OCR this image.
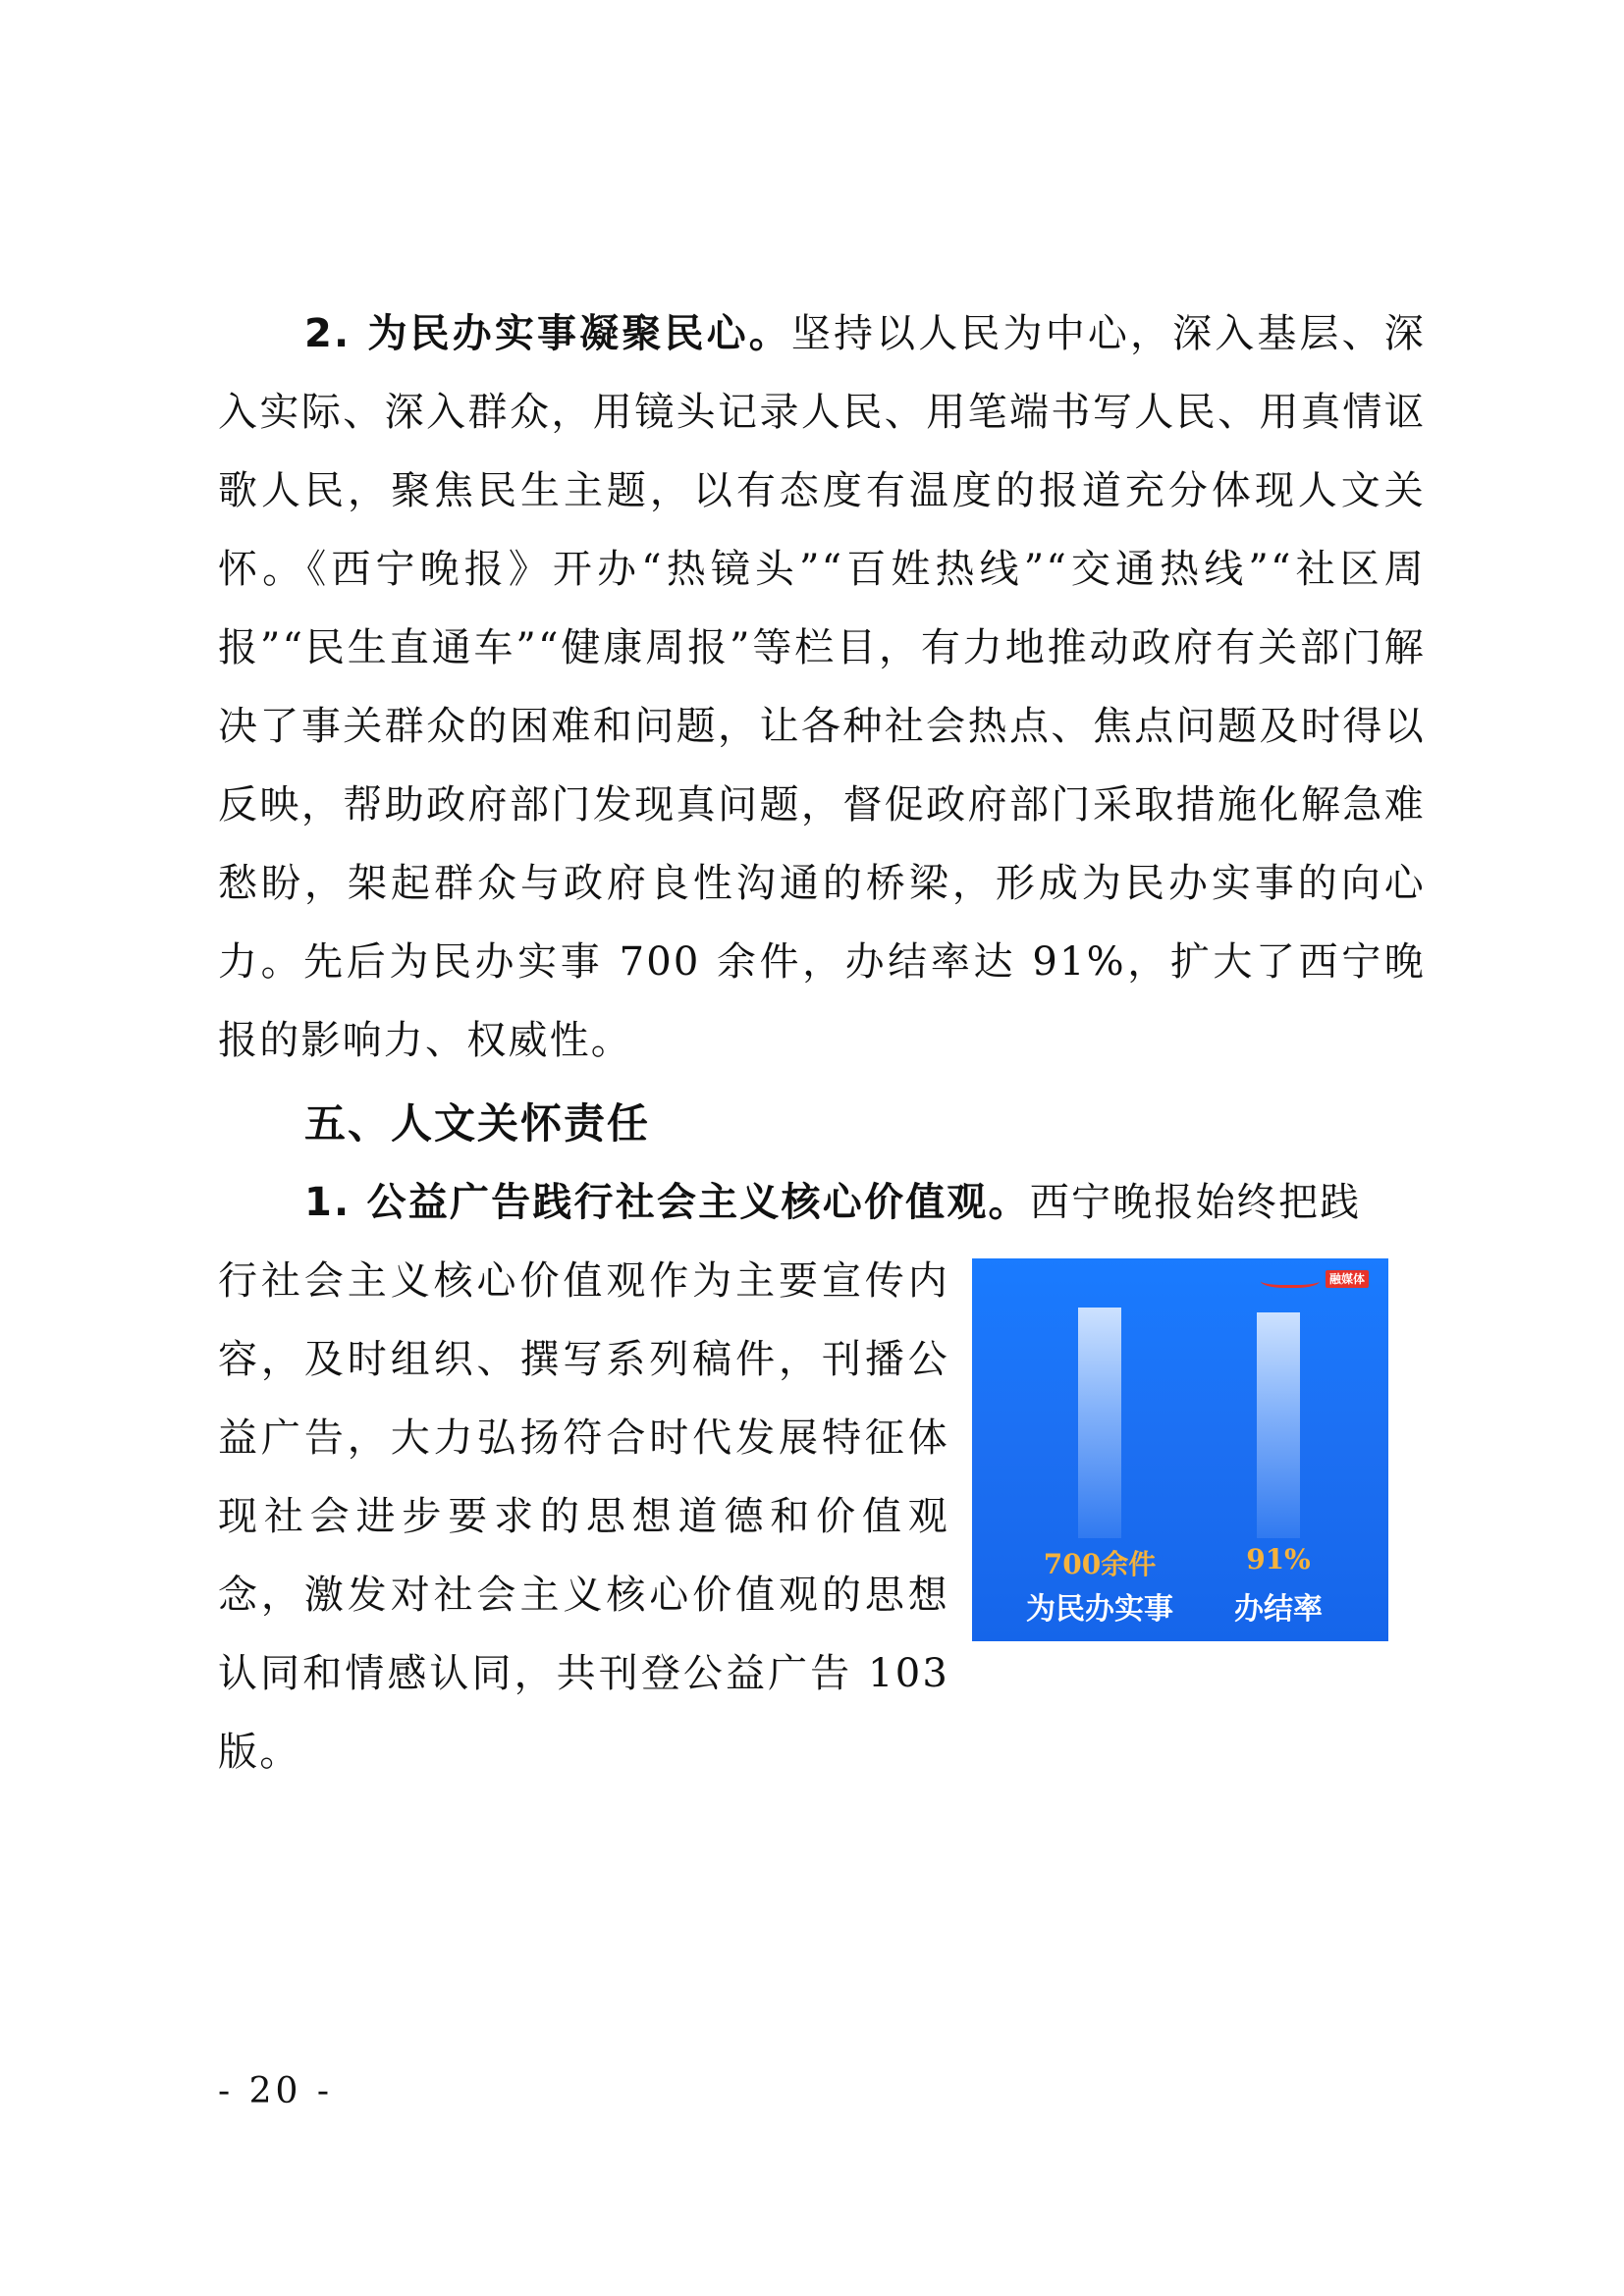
2. 为民办实事凝聚民心。坚持以人民为中心，深入基层、深入实际、深入群众，用镜头记录人民、用笔端书写人民、用真情讴歌人民，聚焦民生主题，以有态度有温度的报道充分体现人文关怀。《西宁晚报》开办“热镜头”“百姓热线”“交通热线”“社区周报”“民生直通车”“健康周报”等栏目，有力地推动政府有关部门解决了事关群众的困难和问题，让各种社会热点、焦点问题及时得以反映，帮助政府部门发现真问题，督促政府部门采取措施化解急难愁盼，架起群众与政府良性沟通的桥梁，形成为民办实事的向心力。先后为民办实事 700 余件，办结率达 91%，扩大了西宁晚报的影响力、权威性。
五、人文关怀责任
1. 公益广告践行社会主义核心价值观。西宁晚报始终把践
行社会主义核心价值观作为主要宣传内容，及时组织、撰写系列稿件，刊播公益广告，大力弘扬符合时代发展特征体现社会进步要求的思想道德和价值观念，激发对社会主义核心价值观的思想认同和情感认同，共刊登公益广告 103 版。
融媒体
700余件
为民办实事
91%
办结率
- 20 -
